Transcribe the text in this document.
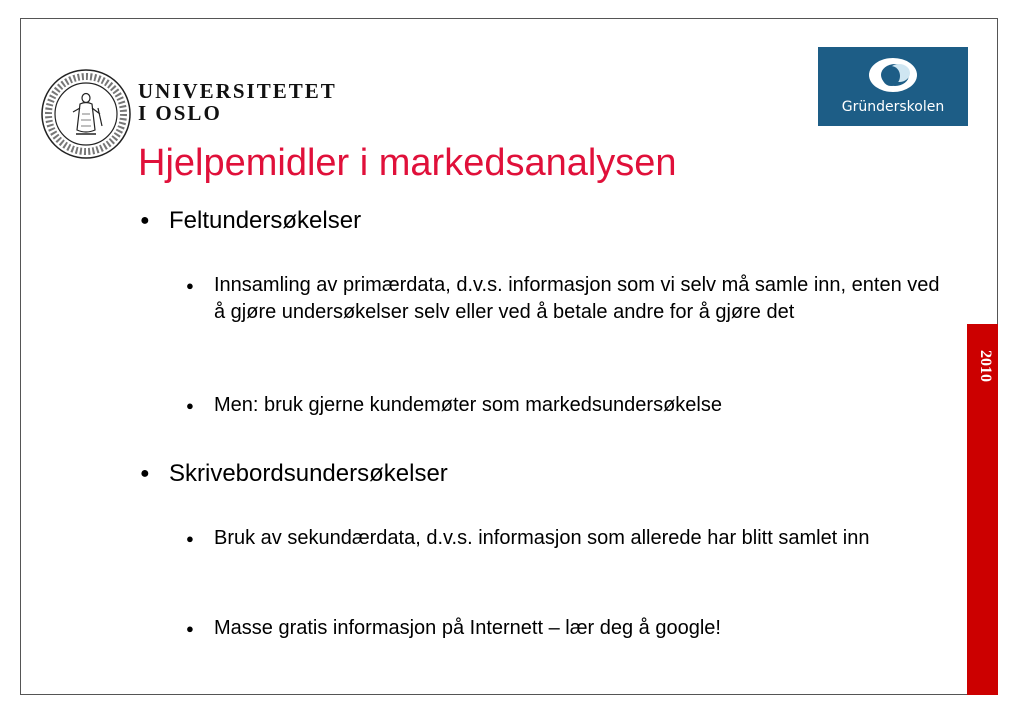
UNIVERSITETET
I OSLO	Gründerskolen
Hjelpemidler i markedsanalysen
● Feltundersøkelser
● Innsamling av primærdata, d.v.s. informasjon som vi selv må samle inn, enten ved å gjøre undersøkelser selv eller ved å betale andre for å gjøre det
● Men: bruk gjerne kundemøter som markedsundersøkelse
● Skrivebordsundersøkelser
● Bruk av sekundærdata, d.v.s. informasjon som allerede har blitt samlet inn
● Masse gratis informasjon på Internett – lær deg å google!
2010
